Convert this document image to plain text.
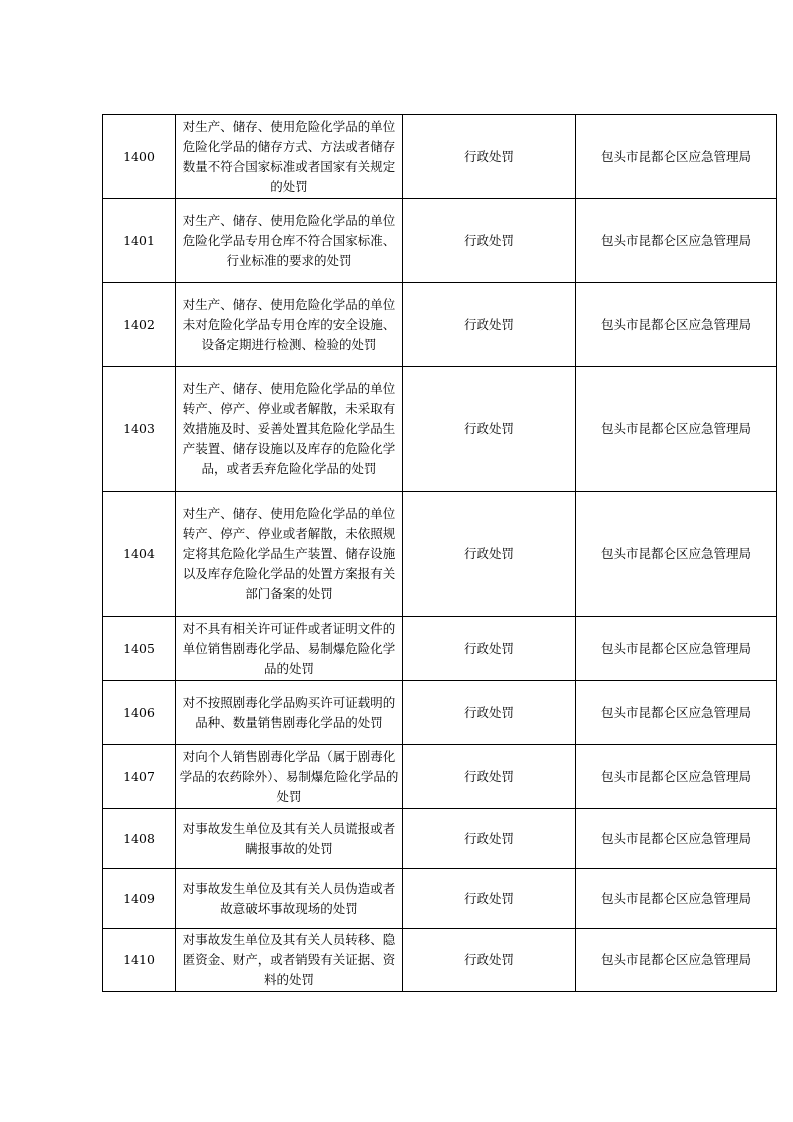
1400	对生产、储存、使用危险化学品的单位危险化学品的储存方式、方法或者储存数量不符合国家标准或者国家有关规定的处罚	行政处罚	包头市昆都仑区应急管理局
1401	对生产、储存、使用危险化学品的单位危险化学品专用仓库不符合国家标准、行业标准的要求的处罚	行政处罚	包头市昆都仑区应急管理局
1402	对生产、储存、使用危险化学品的单位未对危险化学品专用仓库的安全设施、设备定期进行检测、检验的处罚	行政处罚	包头市昆都仑区应急管理局
1403	对生产、储存、使用危险化学品的单位转产、停产、停业或者解散，未采取有效措施及时、妥善处置其危险化学品生产装置、储存设施以及库存的危险化学品，或者丢弃危险化学品的处罚	行政处罚	包头市昆都仑区应急管理局
1404	对生产、储存、使用危险化学品的单位转产、停产、停业或者解散，未依照规定将其危险化学品生产装置、储存设施以及库存危险化学品的处置方案报有关部门备案的处罚	行政处罚	包头市昆都仑区应急管理局
1405	对不具有相关许可证件或者证明文件的单位销售剧毒化学品、易制爆危险化学品的处罚	行政处罚	包头市昆都仑区应急管理局
1406	对不按照剧毒化学品购买许可证载明的品种、数量销售剧毒化学品的处罚	行政处罚	包头市昆都仑区应急管理局
1407	对向个人销售剧毒化学品（属于剧毒化学品的农药除外）、易制爆危险化学品的处罚	行政处罚	包头市昆都仑区应急管理局
1408	对事故发生单位及其有关人员谎报或者瞒报事故的处罚	行政处罚	包头市昆都仑区应急管理局
1409	对事故发生单位及其有关人员伪造或者故意破坏事故现场的处罚	行政处罚	包头市昆都仑区应急管理局
1410	对事故发生单位及其有关人员转移、隐匿资金、财产，或者销毁有关证据、资料的处罚	行政处罚	包头市昆都仑区应急管理局
